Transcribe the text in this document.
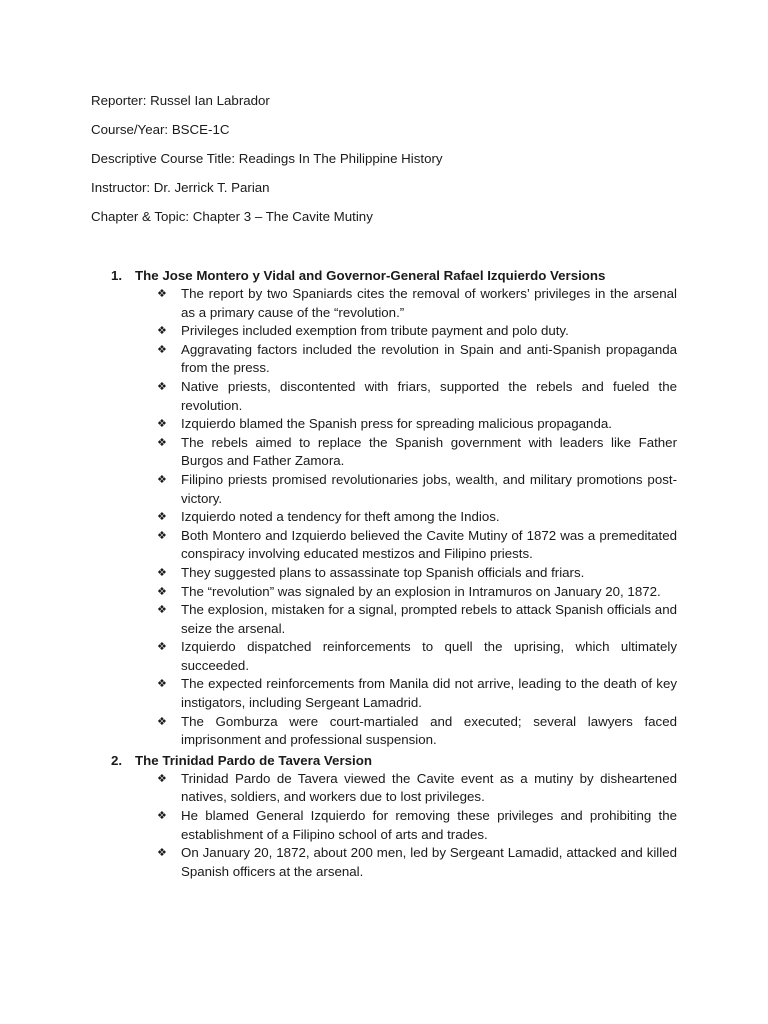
Reporter: Russel Ian Labrador
Course/Year: BSCE-1C
Descriptive Course Title: Readings In The Philippine History
Instructor: Dr. Jerrick T. Parian
Chapter & Topic: Chapter 3 – The Cavite Mutiny
1. The Jose Montero y Vidal and Governor-General Rafael Izquierdo Versions
❖ The report by two Spaniards cites the removal of workers’ privileges in the arsenal as a primary cause of the “revolution.”
❖ Privileges included exemption from tribute payment and polo duty.
❖ Aggravating factors included the revolution in Spain and anti-Spanish propaganda from the press.
❖ Native priests, discontented with friars, supported the rebels and fueled the revolution.
❖ Izquierdo blamed the Spanish press for spreading malicious propaganda.
❖ The rebels aimed to replace the Spanish government with leaders like Father Burgos and Father Zamora.
❖ Filipino priests promised revolutionaries jobs, wealth, and military promotions post-victory.
❖ Izquierdo noted a tendency for theft among the Indios.
❖ Both Montero and Izquierdo believed the Cavite Mutiny of 1872 was a premeditated conspiracy involving educated mestizos and Filipino priests.
❖ They suggested plans to assassinate top Spanish officials and friars.
❖ The “revolution” was signaled by an explosion in Intramuros on January 20, 1872.
❖ The explosion, mistaken for a signal, prompted rebels to attack Spanish officials and seize the arsenal.
❖ Izquierdo dispatched reinforcements to quell the uprising, which ultimately succeeded.
❖ The expected reinforcements from Manila did not arrive, leading to the death of key instigators, including Sergeant Lamadrid.
❖ The Gomburza were court-martialed and executed; several lawyers faced imprisonment and professional suspension.
2. The Trinidad Pardo de Tavera Version
❖ Trinidad Pardo de Tavera viewed the Cavite event as a mutiny by disheartened natives, soldiers, and workers due to lost privileges.
❖ He blamed General Izquierdo for removing these privileges and prohibiting the establishment of a Filipino school of arts and trades.
❖ On January 20, 1872, about 200 men, led by Sergeant Lamadid, attacked and killed Spanish officers at the arsenal.
